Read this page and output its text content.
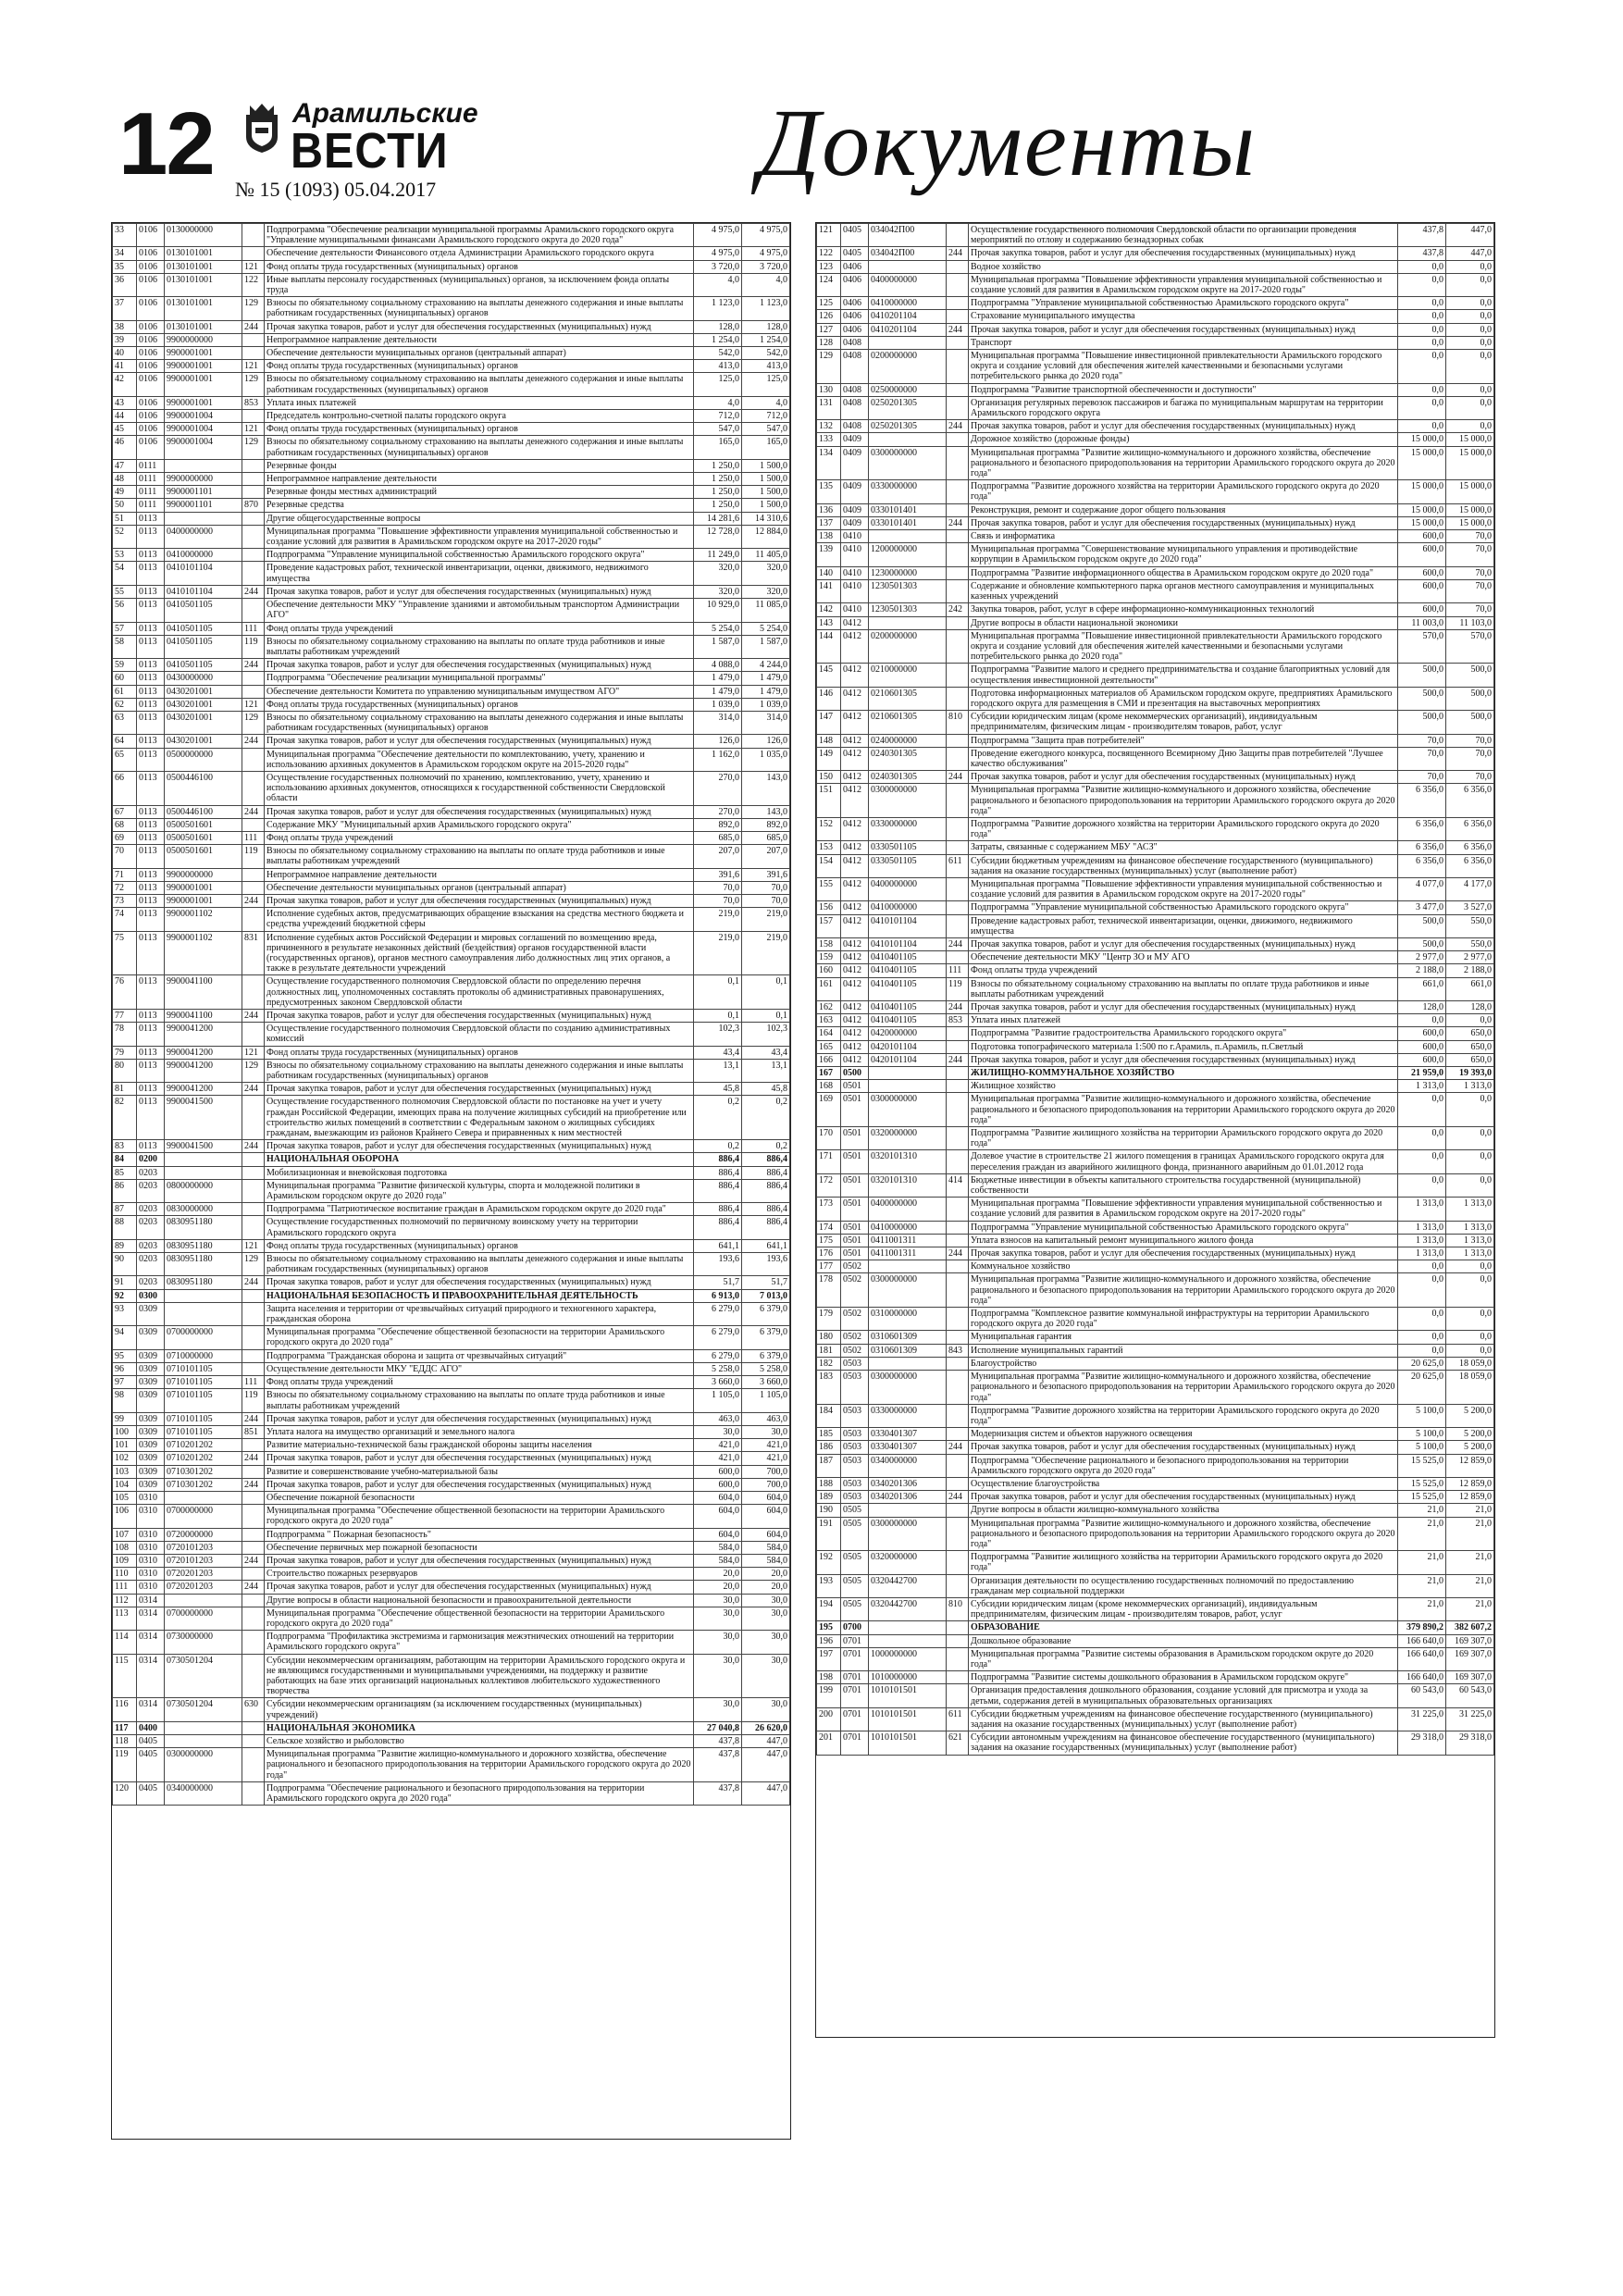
12	Арамильские
ВЕСТИ
№ 15 (1093) 05.04.2017	Документы
33	0106	0130000000		Подпрограмма "Обеспечение реализации муниципальной программы Арамильского городского округа "Управление муниципальными финансами Арамильского городского округа до 2020 года"	4 975,0	4 975,0
34	0106	0130101001		Обеспечение деятельности Финансового отдела Администрации Арамильского городского округа	4 975,0	4 975,0
35	0106	0130101001	121	Фонд оплаты труда государственных (муниципальных) органов	3 720,0	3 720,0
36	0106	0130101001	122	Иные выплаты персоналу государственных (муниципальных) органов, за исключением фонда оплаты труда	4,0	4,0
37	0106	0130101001	129	Взносы по обязательному социальному страхованию на выплаты денежного содержания и иные выплаты работникам государственных (муниципальных) органов	1 123,0	1 123,0
38	0106	0130101001	244	Прочая закупка товаров, работ и услуг для обеспечения государственных (муниципальных) нужд	128,0	128,0
39	0106	9900000000		Непрограммное направление деятельности	1 254,0	1 254,0
40	0106	9900001001		Обеспечение деятельности муниципальных органов (центральный аппарат)	542,0	542,0
41	0106	9900001001	121	Фонд оплаты труда государственных (муниципальных) органов	413,0	413,0
42	0106	9900001001	129	Взносы по обязательному социальному страхованию на выплаты денежного содержания и иные выплаты работникам государственных (муниципальных) органов	125,0	125,0
43	0106	9900001001	853	Уплата иных платежей	4,0	4,0
44	0106	9900001004		Председатель контрольно-счетной палаты городского округа	712,0	712,0
45	0106	9900001004	121	Фонд оплаты труда государственных (муниципальных) органов	547,0	547,0
46	0106	9900001004	129	Взносы по обязательному социальному страхованию на выплаты денежного содержания и иные выплаты работникам государственных (муниципальных) органов	165,0	165,0
47	0111			Резервные фонды	1 250,0	1 500,0
48	0111	9900000000		Непрограммное направление деятельности	1 250,0	1 500,0
49	0111	9900001101		Резервные фонды местных администраций	1 250,0	1 500,0
50	0111	9900001101	870	Резервные средства	1 250,0	1 500,0
51	0113			Другие общегосударственные вопросы	14 281,6	14 310,6
52	0113	0400000000		Муниципальная программа "Повышение эффективности управления муниципальной собственностью и создание условий для развития в Арамильском городском округе на 2017-2020 годы"	12 728,0	12 884,0
53	0113	0410000000		Подпрограмма "Управление муниципальной собственностью Арамильского городского округа"	11 249,0	11 405,0
54	0113	0410101104		Проведение кадастровых работ, технической инвентаризации, оценки, движимого, недвижимого имущества	320,0	320,0
55	0113	0410101104	244	Прочая закупка товаров, работ и услуг для обеспечения государственных (муниципальных) нужд	320,0	320,0
56	0113	0410501105		Обеспечение деятельности МКУ "Управление зданиями и автомобильным транспортом Администрации АГО"	10 929,0	11 085,0
57	0113	0410501105	111	Фонд оплаты труда учреждений	5 254,0	5 254,0
58	0113	0410501105	119	Взносы по обязательному социальному страхованию на выплаты по оплате труда работников и иные выплаты работникам учреждений	1 587,0	1 587,0
59	0113	0410501105	244	Прочая закупка товаров, работ и услуг для обеспечения государственных (муниципальных) нужд	4 088,0	4 244,0
60	0113	0430000000		Подпрограмма "Обеспечение реализации муниципальной программы"	1 479,0	1 479,0
61	0113	0430201001		Обеспечение деятельности Комитета по управлению муниципальным имуществом АГО"	1 479,0	1 479,0
62	0113	0430201001	121	Фонд оплаты труда государственных (муниципальных) органов	1 039,0	1 039,0
63	0113	0430201001	129	Взносы по обязательному социальному страхованию на выплаты денежного содержания и иные выплаты работникам государственных (муниципальных) органов	314,0	314,0
64	0113	0430201001	244	Прочая закупка товаров, работ и услуг для обеспечения государственных (муниципальных) нужд	126,0	126,0
65	0113	0500000000		Муниципальная программа "Обеспечение деятельности по комплектованию, учету, хранению и использованию архивных документов в Арамильском городском округе на 2015-2020 годы"	1 162,0	1 035,0
66	0113	0500446100		Осуществление государственных полномочий по хранению, комплектованию, учету, хранению и использованию архивных документов, относящихся к государственной собственности Свердловской области	270,0	143,0
67	0113	0500446100	244	Прочая закупка товаров, работ и услуг для обеспечения государственных (муниципальных) нужд	270,0	143,0
68	0113	0500501601		Содержание МКУ "Муниципальный архив Арамильского городского округа"	892,0	892,0
69	0113	0500501601	111	Фонд оплаты труда учреждений	685,0	685,0
70	0113	0500501601	119	Взносы по обязательному социальному страхованию на выплаты по оплате труда работников и иные выплаты работникам учреждений	207,0	207,0
71	0113	9900000000		Непрограммное направление деятельности	391,6	391,6
72	0113	9900001001		Обеспечение деятельности муниципальных органов (центральный аппарат)	70,0	70,0
73	0113	9900001001	244	Прочая закупка товаров, работ и услуг для обеспечения государственных (муниципальных) нужд	70,0	70,0
74	0113	9900001102		Исполнение судебных актов, предусматривающих обращение взыскания на средства местного бюджета и средства учреждений бюджетной сферы	219,0	219,0
75	0113	9900001102	831	Исполнение судебных актов Российской Федерации и мировых соглашений по возмещению вреда, причиненного в результате незаконных действий (бездействия) органов государственной власти (государственных органов), органов местного самоуправления либо должностных лиц этих органов, а также в результате деятельности учреждений	219,0	219,0
76	0113	9900041100		Осуществление государственного полномочия Свердловской области по определению перечня должностных лиц, уполномоченных составлять протоколы об административных правонарушениях, предусмотренных законом Свердловской области	0,1	0,1
77	0113	9900041100	244	Прочая закупка товаров, работ и услуг для обеспечения государственных (муниципальных) нужд	0,1	0,1
78	0113	9900041200		Осуществление государственного полномочия Свердловской области по созданию административных комиссий	102,3	102,3
79	0113	9900041200	121	Фонд оплаты труда государственных (муниципальных) органов	43,4	43,4
80	0113	9900041200	129	Взносы по обязательному социальному страхованию на выплаты денежного содержания и иные выплаты работникам государственных (муниципальных) органов	13,1	13,1
81	0113	9900041200	244	Прочая закупка товаров, работ и услуг для обеспечения государственных (муниципальных) нужд	45,8	45,8
82	0113	9900041500		Осуществление государственного полномочия Свердловской области по постановке на учет и учету граждан Российской Федерации, имеющих права на получение жилищных субсидий на приобретение или строительство жилых помещений в соответствии с Федеральным законом о жилищных субсидиях гражданам, выезжающим из районов Крайнего Севера и приравненных к ним местностей	0,2	0,2
83	0113	9900041500	244	Прочая закупка товаров, работ и услуг для обеспечения государственных (муниципальных) нужд	0,2	0,2
84	0200			НАЦИОНАЛЬНАЯ ОБОРОНА	886,4	886,4
85	0203			Мобилизационная и вневойсковая подготовка	886,4	886,4
86	0203	0800000000		Муниципальная программа "Развитие физической культуры, спорта и молодежной политики в Арамильском городском округе до 2020 года"	886,4	886,4
87	0203	0830000000		Подпрограмма "Патриотическое воспитание граждан в Арамильском городском округе до 2020 года"	886,4	886,4
88	0203	0830951180		Осуществление государственных полномочий по первичному воинскому учету на территории Арамильского городского округа	886,4	886,4
89	0203	0830951180	121	Фонд оплаты труда государственных (муниципальных) органов	641,1	641,1
90	0203	0830951180	129	Взносы по обязательному социальному страхованию на выплаты денежного содержания и иные выплаты работникам государственных (муниципальных) органов	193,6	193,6
91	0203	0830951180	244	Прочая закупка товаров, работ и услуг для обеспечения государственных (муниципальных) нужд	51,7	51,7
92	0300			НАЦИОНАЛЬНАЯ БЕЗОПАСНОСТЬ И ПРАВООХРАНИТЕЛЬНАЯ ДЕЯТЕЛЬНОСТЬ	6 913,0	7 013,0
93	0309			Защита населения и территории от чрезвычайных ситуаций природного и техногенного характера, гражданская оборона	6 279,0	6 379,0
94	0309	0700000000		Муниципальная программа "Обеспечение общественной безопасности на территории Арамильского городского округа до 2020 года"	6 279,0	6 379,0
95	0309	0710000000		Подпрограмма "Гражданская оборона и защита от чрезвычайных ситуаций"	6 279,0	6 379,0
96	0309	0710101105		Осуществление деятельности МКУ "ЕДДС АГО"	5 258,0	5 258,0
97	0309	0710101105	111	Фонд оплаты труда учреждений	3 660,0	3 660,0
98	0309	0710101105	119	Взносы по обязательному социальному страхованию на выплаты по оплате труда работников и иные выплаты работникам учреждений	1 105,0	1 105,0
99	0309	0710101105	244	Прочая закупка товаров, работ и услуг для обеспечения государственных (муниципальных) нужд	463,0	463,0
100	0309	0710101105	851	Уплата налога на имущество организаций и земельного налога	30,0	30,0
101	0309	0710201202		Развитие материально-технической базы гражданской обороны защиты населения	421,0	421,0
102	0309	0710201202	244	Прочая закупка товаров, работ и услуг для обеспечения государственных (муниципальных) нужд	421,0	421,0
103	0309	0710301202		Развитие и совершенствование учебно-материальной базы	600,0	700,0
104	0309	0710301202	244	Прочая закупка товаров, работ и услуг для обеспечения государственных (муниципальных) нужд	600,0	700,0
105	0310			Обеспечение пожарной безопасности	604,0	604,0
106	0310	0700000000		Муниципальная программа "Обеспечение общественной безопасности на территории Арамильского городского округа до 2020 года"	604,0	604,0
107	0310	0720000000		Подпрограмма " Пожарная безопасность"	604,0	604,0
108	0310	0720101203		Обеспечение первичных мер пожарной безопасности	584,0	584,0
109	0310	0720101203	244	Прочая закупка товаров, работ и услуг для обеспечения государственных (муниципальных) нужд	584,0	584,0
110	0310	0720201203		Строительство пожарных резервуаров	20,0	20,0
111	0310	0720201203	244	Прочая закупка товаров, работ и услуг для обеспечения государственных (муниципальных) нужд	20,0	20,0
112	0314			Другие вопросы в области национальной безопасности и правоохранительной деятельности	30,0	30,0
113	0314	0700000000		Муниципальная программа "Обеспечение общественной безопасности на территории Арамильского городского округа до 2020 года"	30,0	30,0
114	0314	0730000000		Подпрограмма "Профилактика экстремизма и гармонизация межэтнических отношений на территории Арамильского городского округа"	30,0	30,0
115	0314	0730501204		Субсидии некоммерческим организациям, работающим на территории Арамильского городского округа и не являющимся государственными и муниципальными учреждениями, на поддержку и развитие работающих на базе этих организаций национальных коллективов любительского художественного творчества	30,0	30,0
116	0314	0730501204	630	Субсидии некоммерческим организациям (за исключением государственных (муниципальных) учреждений)	30,0	30,0
117	0400			НАЦИОНАЛЬНАЯ ЭКОНОМИКА	27 040,8	26 620,0
118	0405			Сельское хозяйство и рыболовство	437,8	447,0
119	0405	0300000000		Муниципальная программа "Развитие жилищно-коммунального и дорожного хозяйства, обеспечение рационального и безопасного природопользования на территории Арамильского городского округа до 2020 года"	437,8	447,0
120	0405	0340000000		Подпрограмма "Обеспечение рационального и безопасного природопользования на территории Арамильского городского округа до 2020 года"	437,8	447,0
121	0405	034042П00		Осуществление государственного полномочия Свердловской области по организации проведения мероприятий по отлову и содержанию безнадзорных собак	437,8	447,0
122	0405	034042П00	244	Прочая закупка товаров, работ и услуг для обеспечения государственных (муниципальных) нужд	437,8	447,0
123	0406			Водное хозяйство	0,0	0,0
124	0406	0400000000		Муниципальная программа "Повышение эффективности управления муниципальной собственностью и создание условий для развития в Арамильском городском округе на 2017-2020 годы"	0,0	0,0
125	0406	0410000000		Подпрограмма "Управление муниципальной собственностью Арамильского городского округа"	0,0	0,0
126	0406	0410201104		Страхование муниципального имущества	0,0	0,0
127	0406	0410201104	244	Прочая закупка товаров, работ и услуг для обеспечения государственных (муниципальных) нужд	0,0	0,0
128	0408			Транспорт	0,0	0,0
129	0408	0200000000		Муниципальная программа "Повышение инвестиционной привлекательности Арамильского городского округа и создание условий для обеспечения жителей качественными и безопасными услугами потребительского рынка до 2020 года"	0,0	0,0
130	0408	0250000000		Подпрограмма "Развитие транспортной обеспеченности и доступности"	0,0	0,0
131	0408	0250201305		Организация регулярных перевозок пассажиров и багажа по муниципальным маршрутам на территории Арамильского городского округа	0,0	0,0
132	0408	0250201305	244	Прочая закупка товаров, работ и услуг для обеспечения государственных (муниципальных) нужд	0,0	0,0
133	0409			Дорожное хозяйство (дорожные фонды)	15 000,0	15 000,0
134	0409	0300000000		Муниципальная программа "Развитие жилищно-коммунального и дорожного хозяйства, обеспечение рационального и безопасного природопользования на территории Арамильского городского округа до 2020 года"	15 000,0	15 000,0
135	0409	0330000000		Подпрограмма "Развитие дорожного хозяйства на территории Арамильского городского округа до 2020 года"	15 000,0	15 000,0
136	0409	0330101401		Реконструкция, ремонт и содержание дорог общего пользования	15 000,0	15 000,0
137	0409	0330101401	244	Прочая закупка товаров, работ и услуг для обеспечения государственных (муниципальных) нужд	15 000,0	15 000,0
138	0410			Связь и информатика	600,0	70,0
139	0410	1200000000		Муниципальная программа "Совершенствование муниципального управления и противодействие коррупции в Арамильском городском округе до 2020 года"	600,0	70,0
140	0410	1230000000		Подпрограмма "Развитие информационного общества в Арамильском городском округе до 2020 года"	600,0	70,0
141	0410	1230501303		Содержание и обновление компьютерного парка органов местного самоуправления и муниципальных казенных учреждений	600,0	70,0
142	0410	1230501303	242	Закупка товаров, работ, услуг в сфере информационно-коммуникационных технологий	600,0	70,0
143	0412			Другие вопросы в области национальной экономики	11 003,0	11 103,0
144	0412	0200000000		Муниципальная программа "Повышение инвестиционной привлекательности Арамильского городского округа и создание условий для обеспечения жителей качественными и безопасными услугами потребительского рынка до 2020 года"	570,0	570,0
145	0412	0210000000		Подпрограмма "Развитие малого и среднего предпринимательства и создание благоприятных условий для осуществления инвестиционной деятельности"	500,0	500,0
146	0412	0210601305		Подготовка информационных материалов об Арамильском городском округе, предприятиях Арамильского городского округа для размещения в СМИ и презентация на выставочных мероприятиях	500,0	500,0
147	0412	0210601305	810	Субсидии юридическим лицам (кроме некоммерческих организаций), индивидуальным предпринимателям, физическим лицам - производителям товаров, работ, услуг	500,0	500,0
148	0412	0240000000		Подпрограмма "Защита прав потребителей"	70,0	70,0
149	0412	0240301305		Проведение ежегодного конкурса, посвященного Всемирному Дню Защиты прав потребителей "Лучшее качество обслуживания"	70,0	70,0
150	0412	0240301305	244	Прочая закупка товаров, работ и услуг для обеспечения государственных (муниципальных) нужд	70,0	70,0
151	0412	0300000000		Муниципальная программа "Развитие жилищно-коммунального и дорожного хозяйства, обеспечение рационального и безопасного природопользования на территории Арамильского городского округа до 2020 года"	6 356,0	6 356,0
152	0412	0330000000		Подпрограмма "Развитие дорожного хозяйства на территории Арамильского городского округа до 2020 года"	6 356,0	6 356,0
153	0412	0330501105		Затраты, связанные с содержанием МБУ "АСЗ"	6 356,0	6 356,0
154	0412	0330501105	611	Субсидии бюджетным учреждениям на финансовое обеспечение государственного (муниципального) задания на оказание государственных (муниципальных) услуг (выполнение работ)	6 356,0	6 356,0
155	0412	0400000000		Муниципальная программа "Повышение эффективности управления муниципальной собственностью и создание условий для развития в Арамильском городском округе на 2017-2020 годы"	4 077,0	4 177,0
156	0412	0410000000		Подпрограмма "Управление муниципальной собственностью Арамильского городского округа"	3 477,0	3 527,0
157	0412	0410101104		Проведение кадастровых работ, технической инвентаризации, оценки, движимого, недвижимого имущества	500,0	550,0
158	0412	0410101104	244	Прочая закупка товаров, работ и услуг для обеспечения государственных (муниципальных) нужд	500,0	550,0
159	0412	0410401105		Обеспечение деятельности МКУ "Центр ЗО и МУ АГО	2 977,0	2 977,0
160	0412	0410401105	111	Фонд оплаты труда учреждений	2 188,0	2 188,0
161	0412	0410401105	119	Взносы по обязательному социальному страхованию на выплаты по оплате труда работников и иные выплаты работникам учреждений	661,0	661,0
162	0412	0410401105	244	Прочая закупка товаров, работ и услуг для обеспечения государственных (муниципальных) нужд	128,0	128,0
163	0412	0410401105	853	Уплата иных платежей	0,0	0,0
164	0412	0420000000		Подпрограмма "Развитие градостроительства Арамильского городского округа"	600,0	650,0
165	0412	0420101104		Подготовка топографического материала 1:500 по г.Арамиль, п.Арамиль, п.Светлый	600,0	650,0
166	0412	0420101104	244	Прочая закупка товаров, работ и услуг для обеспечения государственных (муниципальных) нужд	600,0	650,0
167	0500			ЖИЛИЩНО-КОММУНАЛЬНОЕ ХОЗЯЙСТВО	21 959,0	19 393,0
168	0501			Жилищное хозяйство	1 313,0	1 313,0
169	0501	0300000000		Муниципальная программа "Развитие жилищно-коммунального и дорожного хозяйства, обеспечение рационального и безопасного природопользования на территории Арамильского городского округа до 2020 года"	0,0	0,0
170	0501	0320000000		Подпрограмма "Развитие жилищного хозяйства на территории Арамильского городского округа до 2020 года"	0,0	0,0
171	0501	0320101310		Долевое участие в строительстве 21 жилого помещения в границах Арамильского городского округа для переселения граждан из аварийного жилищного фонда, признанного аварийным до 01.01.2012 года	0,0	0,0
172	0501	0320101310	414	Бюджетные инвестиции в объекты капитального строительства государственной (муниципальной) собственности	0,0	0,0
173	0501	0400000000		Муниципальная программа "Повышение эффективности управления муниципальной собственностью и создание условий для развития в Арамильском городском округе на 2017-2020 годы"	1 313,0	1 313,0
174	0501	0410000000		Подпрограмма "Управление муниципальной собственностью Арамильского городского округа"	1 313,0	1 313,0
175	0501	0411001311		Уплата взносов на капитальный ремонт муниципального жилого фонда	1 313,0	1 313,0
176	0501	0411001311	244	Прочая закупка товаров, работ и услуг для обеспечения государственных (муниципальных) нужд	1 313,0	1 313,0
177	0502			Коммунальное хозяйство	0,0	0,0
178	0502	0300000000		Муниципальная программа "Развитие жилищно-коммунального и дорожного хозяйства, обеспечение рационального и безопасного природопользования на территории Арамильского городского округа до 2020 года"	0,0	0,0
179	0502	0310000000		Подпрограмма "Комплексное развитие коммунальной инфраструктуры на территории Арамильского городского округа до 2020 года"	0,0	0,0
180	0502	0310601309		Муниципальная гарантия	0,0	0,0
181	0502	0310601309	843	Исполнение муниципальных гарантий	0,0	0,0
182	0503			Благоустройство	20 625,0	18 059,0
183	0503	0300000000		Муниципальная программа "Развитие жилищно-коммунального и дорожного хозяйства, обеспечение рационального и безопасного природопользования на территории Арамильского городского округа до 2020 года"	20 625,0	18 059,0
184	0503	0330000000		Подпрограмма "Развитие дорожного хозяйства на территории Арамильского городского округа до 2020 года"	5 100,0	5 200,0
185	0503	0330401307		Модернизация систем и объектов наружного освещения	5 100,0	5 200,0
186	0503	0330401307	244	Прочая закупка товаров, работ и услуг для обеспечения государственных (муниципальных) нужд	5 100,0	5 200,0
187	0503	0340000000		Подпрограмма "Обеспечение рационального и безопасного природопользования на территории Арамильского городского округа до 2020 года"	15 525,0	12 859,0
188	0503	0340201306		Осуществление благоустройства	15 525,0	12 859,0
189	0503	0340201306	244	Прочая закупка товаров, работ и услуг для обеспечения государственных (муниципальных) нужд	15 525,0	12 859,0
190	0505			Другие вопросы в области жилищно-коммунального хозяйства	21,0	21,0
191	0505	0300000000		Муниципальная программа "Развитие жилищно-коммунального и дорожного хозяйства, обеспечение рационального и безопасного природопользования на территории Арамильского городского округа до 2020 года"	21,0	21,0
192	0505	0320000000		Подпрограмма "Развитие жилищного хозяйства на территории Арамильского городского округа до 2020 года"	21,0	21,0
193	0505	0320442700		Организация деятельности по осуществлению государственных полномочий по предоставлению гражданам мер социальной поддержки	21,0	21,0
194	0505	0320442700	810	Субсидии юридическим лицам (кроме некоммерческих организаций), индивидуальным предпринимателям, физическим лицам - производителям товаров, работ, услуг	21,0	21,0
195	0700			ОБРАЗОВАНИЕ	379 890,2	382 607,2
196	0701			Дошкольное образование	166 640,0	169 307,0
197	0701	1000000000		Муниципальная программа "Развитие системы образования в Арамильском городском округе до 2020 года"	166 640,0	169 307,0
198	0701	1010000000		Подпрограмма "Развитие системы дошкольного образования в Арамильском городском округе"	166 640,0	169 307,0
199	0701	1010101501		Организация предоставления дошкольного образования, создание условий для присмотра и ухода за детьми, содержания детей в муниципальных образовательных организациях	60 543,0	60 543,0
200	0701	1010101501	611	Субсидии бюджетным учреждениям на финансовое обеспечение государственного (муниципального) задания на оказание государственных (муниципальных) услуг (выполнение работ)	31 225,0	31 225,0
201	0701	1010101501	621	Субсидии автономным учреждениям на финансовое обеспечение государственного (муниципального) задания на оказание государственных (муниципальных) услуг (выполнение работ)	29 318,0	29 318,0
